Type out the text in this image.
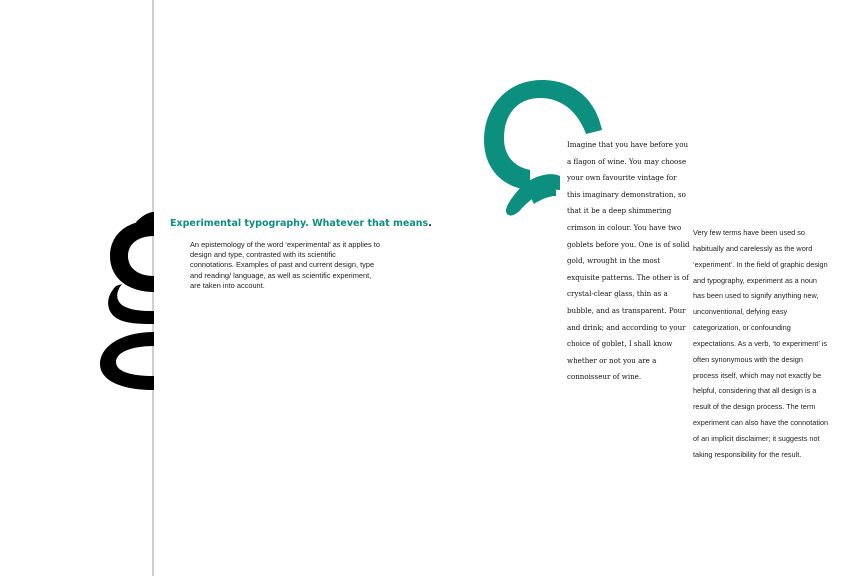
Experimental typography. Whatever that means.

An epistemology of the word ‘experimental’ as it applies to design and type, contrasted with its scientific connotations. Examples of past and current design, type and reading/ language, as well as scientific experiment, are taken into account.

Imagine that you have before you a flagon of wine. You may choose your own favourite vintage for this imaginary demonstration, so that it be a deep shimmering crimson in colour. You have two goblets before you. One is of solid gold, wrought in the most exquisite patterns. The other is of crystal-clear glass, thin as a bubble, and as transparent. Pour and drink; and according to your choice of goblet, I shall know whether or not you are a connoisseur of wine.

Very few terms have been used so habitually and carelessly as the word ‘experiment’. In the field of graphic design and typography, experiment as a noun has been used to signify anything new, unconventional, defying easy categorization, or confounding expectations. As a verb, ‘to experiment’ is often synonymous with the design process itself, which may not exactly be helpful, considering that all design is a result of the design process. The term experiment can also have the connotation of an implicit disclaimer; it suggests not taking responsibility for the result.
